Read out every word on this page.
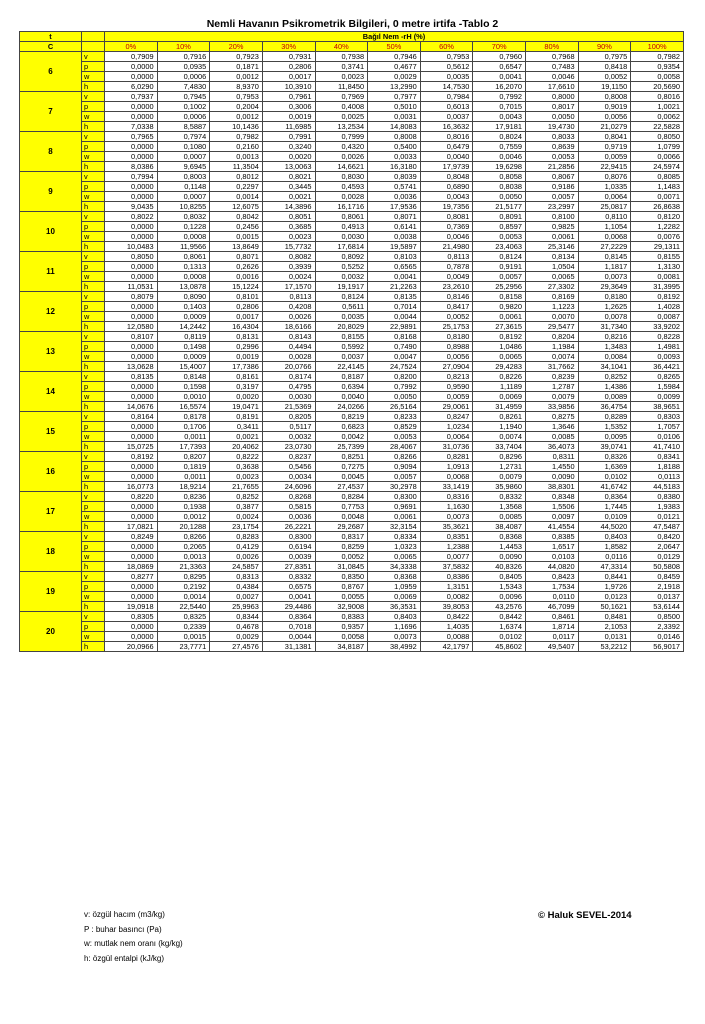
Nemli Havanın Psikrometrik Bilgileri, 0 metre irtifa -Tablo 2
t		Bağıl Nem -rH (%)										
C		0%	10%	20%	30%	40%	50%	60%	70%	80%	90%	100%
6	v	0,7909	0,7916	0,7923	0,7931	0,7938	0,7946	0,7953	0,7960	0,7968	0,7975	0,7982
	p	0,0000	0,0935	0,1871	0,2806	0,3741	0,4677	0,5612	0,6547	0,7483	0,8418	0,9354
	w	0,0000	0,0006	0,0012	0,0017	0,0023	0,0029	0,0035	0,0041	0,0046	0,0052	0,0058
	h	6,0290	7,4830	8,9370	10,3910	11,8450	13,2990	14,7530	16,2070	17,6610	19,1150	20,5690
7	v	0,7937	0,7945	0,7953	0,7961	0,7969	0,7977	0,7984	0,7992	0,8000	0,8008	0,8016
	p	0,0000	0,1002	0,2004	0,3006	0,4008	0,5010	0,6013	0,7015	0,8017	0,9019	1,0021
	w	0,0000	0,0006	0,0012	0,0019	0,0025	0,0031	0,0037	0,0043	0,0050	0,0056	0,0062
	h	7,0338	8,5887	10,1436	11,6985	13,2534	14,8083	16,3632	17,9181	19,4730	21,0279	22,5828
8	v	0,7965	0,7974	0,7982	0,7991	0,7999	0,8008	0,8016	0,8024	0,8033	0,8041	0,8050
	p	0,0000	0,1080	0,2160	0,3240	0,4320	0,5400	0,6479	0,7559	0,8639	0,9719	1,0799
	w	0,0000	0,0007	0,0013	0,0020	0,0026	0,0033	0,0040	0,0046	0,0053	0,0059	0,0066
	h	8,0386	9,6945	11,3504	13,0063	14,6621	16,3180	17,9739	19,6298	21,2856	22,9415	24,5974
9	v	0,7994	0,8003	0,8012	0,8021	0,8030	0,8039	0,8048	0,8058	0,8067	0,8076	0,8085
	p	0,0000	0,1148	0,2297	0,3445	0,4593	0,5741	0,6890	0,8038	0,9186	1,0335	1,1483
	w	0,0000	0,0007	0,0014	0,0021	0,0028	0,0036	0,0043	0,0050	0,0057	0,0064	0,0071
	h	9,0435	10,8255	12,6075	14,3896	16,1716	17,9536	19,7356	21,5177	23,2997	25,0817	26,8638
10	v	0,8022	0,8032	0,8042	0,8051	0,8061	0,8071	0,8081	0,8091	0,8100	0,8110	0,8120
	p	0,0000	0,1228	0,2456	0,3685	0,4913	0,6141	0,7369	0,8597	0,9825	1,1054	1,2282
	w	0,0000	0,0008	0,0015	0,0023	0,0030	0,0038	0,0046	0,0053	0,0061	0,0068	0,0076
	h	10,0483	11,9566	13,8649	15,7732	17,6814	19,5897	21,4980	23,4063	25,3146	27,2229	29,1311
11	v	0,8050	0,8061	0,8071	0,8082	0,8092	0,8103	0,8113	0,8124	0,8134	0,8145	0,8155
	p	0,0000	0,1313	0,2626	0,3939	0,5252	0,6565	0,7878	0,9191	1,0504	1,1817	1,3130
	w	0,0000	0,0008	0,0016	0,0024	0,0032	0,0041	0,0049	0,0057	0,0065	0,0073	0,0081
	h	11,0531	13,0878	15,1224	17,1570	19,1917	21,2263	23,2610	25,2956	27,3302	29,3649	31,3995
12	v	0,8079	0,8090	0,8101	0,8113	0,8124	0,8135	0,8146	0,8158	0,8169	0,8180	0,8192
	p	0,0000	0,1403	0,2806	0,4208	0,5611	0,7014	0,8417	0,9820	1,1223	1,2625	1,4028
	w	0,0000	0,0009	0,0017	0,0026	0,0035	0,0044	0,0052	0,0061	0,0070	0,0078	0,0087
	h	12,0580	14,2442	16,4304	18,6166	20,8029	22,9891	25,1753	27,3615	29,5477	31,7340	33,9202
13	v	0,8107	0,8119	0,8131	0,8143	0,8155	0,8168	0,8180	0,8192	0,8204	0,8216	0,8228
	p	0,0000	0,1498	0,2996	0,4494	0,5992	0,7490	0,8988	1,0486	1,1984	1,3483	1,4981
	w	0,0000	0,0009	0,0019	0,0028	0,0037	0,0047	0,0056	0,0065	0,0074	0,0084	0,0093
	h	13,0628	15,4007	17,7386	20,0766	22,4145	24,7524	27,0904	29,4283	31,7662	34,1041	36,4421
14	v	0,8135	0,8148	0,8161	0,8174	0,8187	0,8200	0,8213	0,8226	0,8239	0,8252	0,8265
	p	0,0000	0,1598	0,3197	0,4795	0,6394	0,7992	0,9590	1,1189	1,2787	1,4386	1,5984
	w	0,0000	0,0010	0,0020	0,0030	0,0040	0,0050	0,0059	0,0069	0,0079	0,0089	0,0099
	h	14,0676	16,5574	19,0471	21,5369	24,0266	26,5164	29,0061	31,4959	33,9856	36,4754	38,9651
15	v	0,8164	0,8178	0,8191	0,8205	0,8219	0,8233	0,8247	0,8261	0,8275	0,8289	0,8303
	p	0,0000	0,1706	0,3411	0,5117	0,6823	0,8529	1,0234	1,1940	1,3646	1,5352	1,7057
	w	0,0000	0,0011	0,0021	0,0032	0,0042	0,0053	0,0064	0,0074	0,0085	0,0095	0,0106
	h	15,0725	17,7393	20,4062	23,0730	25,7399	28,4067	31,0736	33,7404	36,4073	39,0741	41,7410
16	v	0,8192	0,8207	0,8222	0,8237	0,8251	0,8266	0,8281	0,8296	0,8311	0,8326	0,8341
	p	0,0000	0,1819	0,3638	0,5456	0,7275	0,9094	1,0913	1,2731	1,4550	1,6369	1,8188
	w	0,0000	0,0011	0,0023	0,0034	0,0045	0,0057	0,0068	0,0079	0,0090	0,0102	0,0113
	h	16,0773	18,9214	21,7655	24,6096	27,4537	30,2978	33,1419	35,9860	38,8301	41,6742	44,5183
17	v	0,8220	0,8236	0,8252	0,8268	0,8284	0,8300	0,8316	0,8332	0,8348	0,8364	0,8380
	p	0,0000	0,1938	0,3877	0,5815	0,7753	0,9691	1,1630	1,3568	1,5506	1,7445	1,9383
	w	0,0000	0,0012	0,0024	0,0036	0,0048	0,0061	0,0073	0,0085	0,0097	0,0109	0,0121
	h	17,0821	20,1288	23,1754	26,2221	29,2687	32,3154	35,3621	38,4087	41,4554	44,5020	47,5487
18	v	0,8249	0,8266	0,8283	0,8300	0,8317	0,8334	0,8351	0,8368	0,8385	0,8403	0,8420
	p	0,0000	0,2065	0,4129	0,6194	0,8259	1,0323	1,2388	1,4453	1,6517	1,8582	2,0647
	w	0,0000	0,0013	0,0026	0,0039	0,0052	0,0065	0,0077	0,0090	0,0103	0,0116	0,0129
	h	18,0869	21,3363	24,5857	27,8351	31,0845	34,3338	37,5832	40,8326	44,0820	47,3314	50,5808
19	v	0,8277	0,8295	0,8313	0,8332	0,8350	0,8368	0,8386	0,8405	0,8423	0,8441	0,8459
	p	0,0000	0,2192	0,4384	0,6575	0,8767	1,0959	1,3151	1,5343	1,7534	1,9726	2,1918
	w	0,0000	0,0014	0,0027	0,0041	0,0055	0,0069	0,0082	0,0096	0,0110	0,0123	0,0137
	h	19,0918	22,5440	25,9963	29,4486	32,9008	36,3531	39,8053	43,2576	46,7099	50,1621	53,6144
20	v	0,8305	0,8325	0,8344	0,8364	0,8383	0,8403	0,8422	0,8442	0,8461	0,8481	0,8500
	p	0,0000	0,2339	0,4678	0,7018	0,9357	1,1696	1,4035	1,6374	1,8714	2,1053	2,3392
	w	0,0000	0,0015	0,0029	0,0044	0,0058	0,0073	0,0088	0,0102	0,0117	0,0131	0,0146
	h	20,0966	23,7771	27,4576	31,1381	34,8187	38,4992	42,1797	45,8602	49,5407	53,2212	56,9017
v: özgül hacım (m3/kg)
P : buhar basıncı (Pa)
w: mutlak nem oranı (kg/kg)
h: özgül entalpi (kJ/kg)
© Haluk SEVEL-2014
